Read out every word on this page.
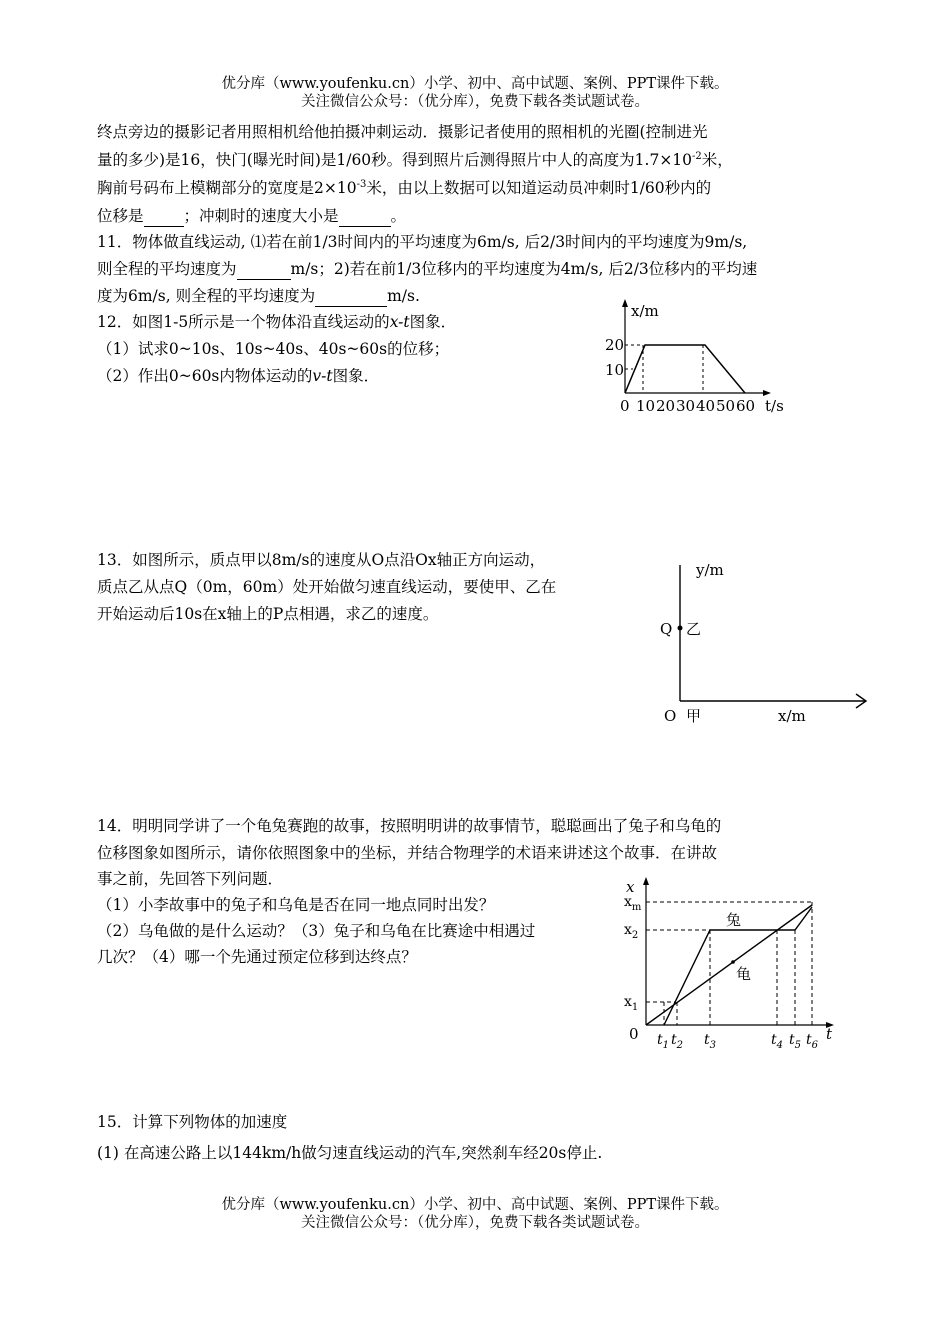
优分库（www.youfenku.cn）小学、初中、高中试题、案例、PPT课件下载。
关注微信公众号：（优分库），免费下载各类试题试卷。
终点旁边的摄影记者用照相机给他拍摄冲刺运动．摄影记者使用的照相机的光圈(控制进光
量的多少)是16，快门(曝光时间)是1/60秒。得到照片后测得照片中人的高度为$1.7\times 10^{-2}$米，
胸前号码布上模糊部分的宽度是$2\times 10^{-3}$米，由以上数据可以知道运动员冲刺时1/60秒内的
位移是	；冲刺时的速度大小是	。
11．物体做直线运动, ⑴若在前1/3时间内的平均速度为6m/s, 后2/3时间内的平均速度为9m/s,
则全程的平均速度为	m/s；2)若在前1/3位移内的平均速度为4m/s, 后2/3位移内的平均速
度为6m/s, 则全程的平均速度为	m/s.
12．如图1-5所示是一个物体沿直线运动的x-t图象．
（1）试求0~10s、10s~40s、40s~60s的位移；
（2）作出0~60s内物体运动的v-t图象．
x/m
20
10
0 10 20 30 40 50 60 t/s
13．如图所示，质点甲以8m/s的速度从O点沿Ox轴正方向运动，
质点乙从点Q（0m，60m）处开始做匀速直线运动，要使甲、乙在
开始运动后10s在x轴上的P点相遇，求乙的速度。
y/m
Q 乙
O 甲	x/m
14．明明同学讲了一个龟兔赛跑的故事，按照明明讲的故事情节，聪聪画出了兔子和乌龟的
位移图象如图所示，请你依照图象中的坐标，并结合物理学的术语来讲述这个故事．在讲故
事之前，先回答下列问题．
（1）小李故事中的兔子和乌龟是否在同一地点同时出发？
（2）乌龟做的是什么运动？（3）兔子和乌龟在比赛途中相遇过
几次？（4）哪一个先通过预定位移到达终点？
x
$x_m$
$x_2$
$x_1$
0 $t_1$ $t_2$ $t_3$	$t_4$ $t_5$ $t_6$
t
兔
龟
15．计算下列物体的加速度
(1) 在高速公路上以144km/h做匀速直线运动的汽车,突然刹车经20s停止.
优分库（www.youfenku.cn）小学、初中、高中试题、案例、PPT课件下载。
关注微信公众号：（优分库），免费下载各类试题试卷。
